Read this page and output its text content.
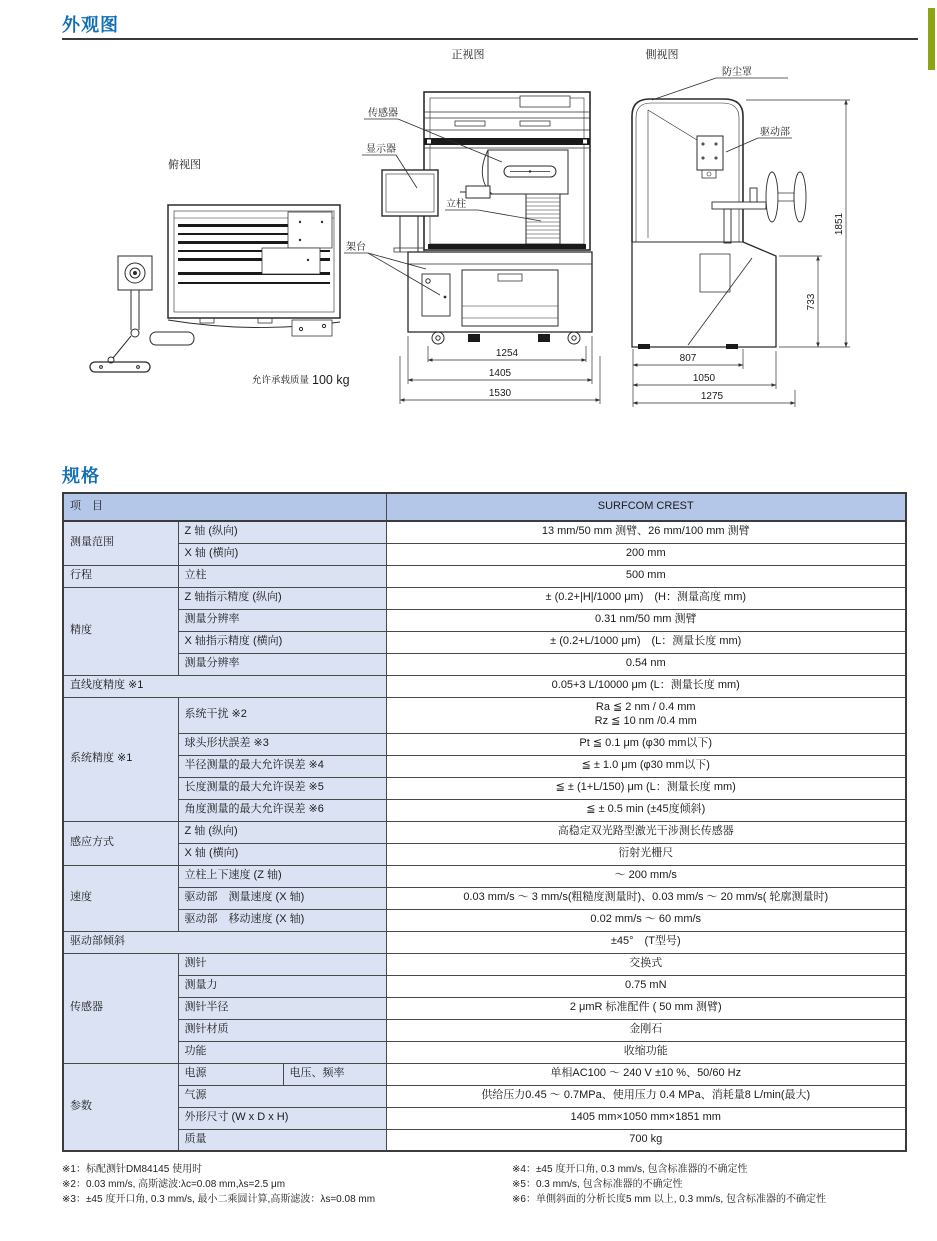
外观图
俯视图
允许承载质量 100 kg
正视图
传感器
显示器
立柱
架台
1254
1405
1530
側视图
防尘罩
驱动部
1851
733
807
1050
1275
规格
项　目			SURFCOM CREST
测量范围	Z 轴 (纵向)		13 mm/50 mm 测臂、26 mm/100 mm 测臂
	X 轴 (横向)		200 mm
行程	立柱		500 mm
精度	Z 轴指示精度 (纵向)		± (0.2+|H|/1000 μm)　(H：测量高度 mm)
	测量分辨率		0.31 nm/50 mm 测臂
	X 轴指示精度 (横向)		± (0.2+L/1000 μm)　(L：测量长度 mm)
	测量分辨率		0.54 nm
直线度精度 ※1			0.05+3 L/10000 μm (L：测量长度 mm)
系统精度 ※1	系统干扰 ※2		Ra ≦ 2 nm / 0.4 mm
Rz ≦ 10 nm /0.4 mm

	球头形状誤差 ※3		Pt ≦ 0.1 μm (φ30 mm以下)
	半径测量的最大允许误差 ※4		≦ ± 1.0 μm (φ30 mm以下)
	长度测量的最大允许误差 ※5		≦ ± (1+L/150) μm (L：测量长度 mm)
	角度测量的最大允许误差 ※6		≦ ± 0.5 min (±45度倾斜)
感应方式	Z 轴 (纵向)		高稳定双光路型激光干涉测长传感器
	X 轴 (横向)		衍射光栅尺
速度	立柱上下速度 (Z 轴)		～ 200 mm/s
	驱动部　测量速度 (X 轴)		0.03 mm/s ～ 3 mm/s(粗糙度测量时)、0.03 mm/s ～ 20 mm/s( 轮廓测量时)
	驱动部　移动速度 (X 轴)		0.02 mm/s ～ 60 mm/s
驱动部倾斜			±45°　(T型号)
传感器	测针		交换式
	测量力		0.75 mN
	测针半径		2 μmR 标准配件 ( 50 mm 测臂)
	测针材质		金刚石
	功能		收缩功能
参数	电源	电压、频率	单相AC100 ～ 240 V ±10 %、50/60 Hz
	气源		供给压力0.45 ～ 0.7MPa、使用压力 0.4 MPa、消耗量8 L/min(最大)
	外形尺寸 (W x D x H)		1405 mm×1050 mm×1851 mm
	质量		700 kg
※1：标配测针DM84145 使用时
※2：0.03 mm/s, 高斯滤波:λc=0.08 mm,λs=2.5 μm
※3：±45 度开口角, 0.3 mm/s, 最小二乘圆计算,高斯滤波：λs=0.08 mm
※4：±45 度开口角, 0.3 mm/s, 包含标准器的不确定性
※5：0.3 mm/s, 包含标准器的不确定性
※6：单側斜面的分析长度5 mm 以上, 0.3 mm/s, 包含标准器的不确定性
